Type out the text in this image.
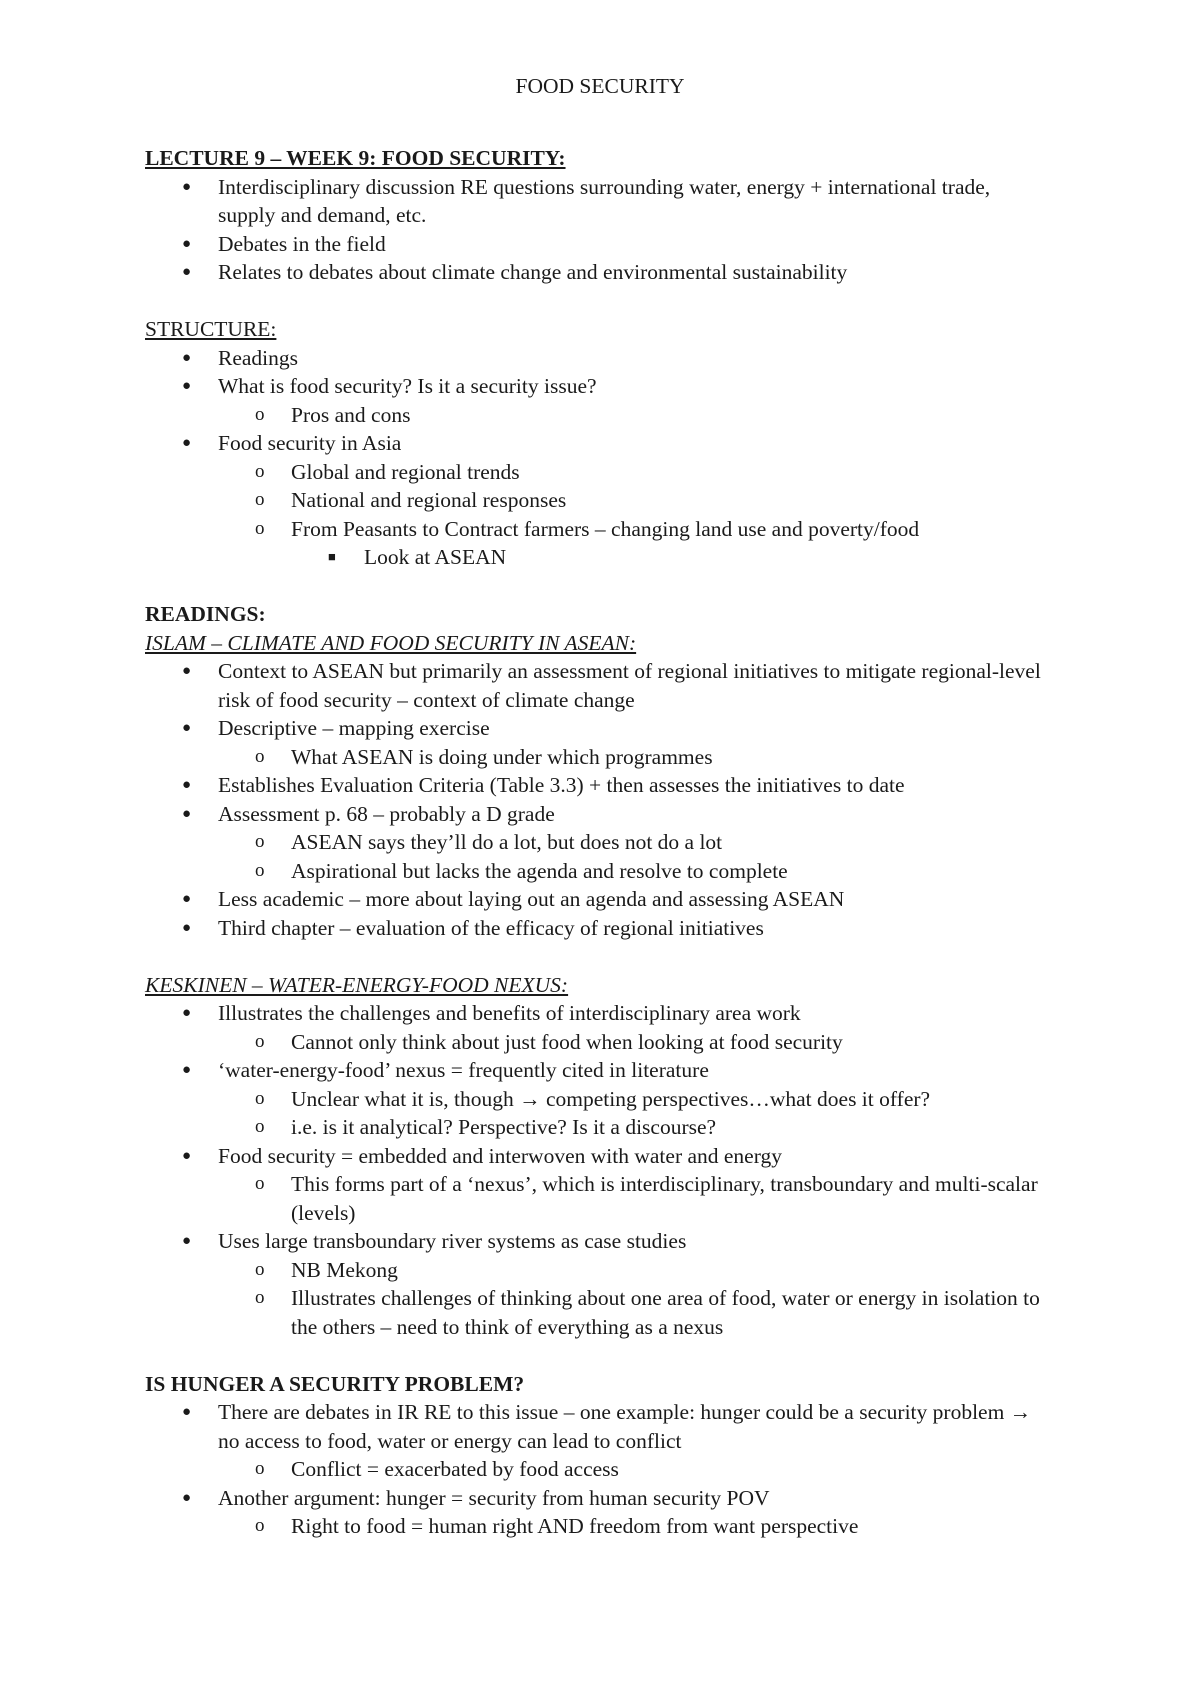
FOOD SECURITY
LECTURE 9 – WEEK 9: FOOD SECURITY:
● Interdisciplinary discussion RE questions surrounding water, energy + international trade, supply and demand, etc.
● Debates in the field
● Relates to debates about climate change and environmental sustainability
STRUCTURE:
● Readings
● What is food security? Is it a security issue?
o Pros and cons
● Food security in Asia
o Global and regional trends
o National and regional responses
o From Peasants to Contract farmers – changing land use and poverty/food
■ Look at ASEAN
READINGS:
ISLAM – CLIMATE AND FOOD SECURITY IN ASEAN:
● Context to ASEAN but primarily an assessment of regional initiatives to mitigate regional-level risk of food security – context of climate change
● Descriptive – mapping exercise
o What ASEAN is doing under which programmes
● Establishes Evaluation Criteria (Table 3.3) + then assesses the initiatives to date
● Assessment p. 68 – probably a D grade
o ASEAN says they’ll do a lot, but does not do a lot
o Aspirational but lacks the agenda and resolve to complete
● Less academic – more about laying out an agenda and assessing ASEAN
● Third chapter – evaluation of the efficacy of regional initiatives
KESKINEN – WATER-ENERGY-FOOD NEXUS:
● Illustrates the challenges and benefits of interdisciplinary area work
o Cannot only think about just food when looking at food security
● ‘water-energy-food’ nexus = frequently cited in literature
o Unclear what it is, though → competing perspectives…what does it offer?
o i.e. is it analytical? Perspective? Is it a discourse?
● Food security = embedded and interwoven with water and energy
o This forms part of a ‘nexus’, which is interdisciplinary, transboundary and multi-scalar (levels)
● Uses large transboundary river systems as case studies
o NB Mekong
o Illustrates challenges of thinking about one area of food, water or energy in isolation to the others – need to think of everything as a nexus
IS HUNGER A SECURITY PROBLEM?
● There are debates in IR RE to this issue – one example: hunger could be a security problem → no access to food, water or energy can lead to conflict
o Conflict = exacerbated by food access
● Another argument: hunger = security from human security POV
o Right to food = human right AND freedom from want perspective
